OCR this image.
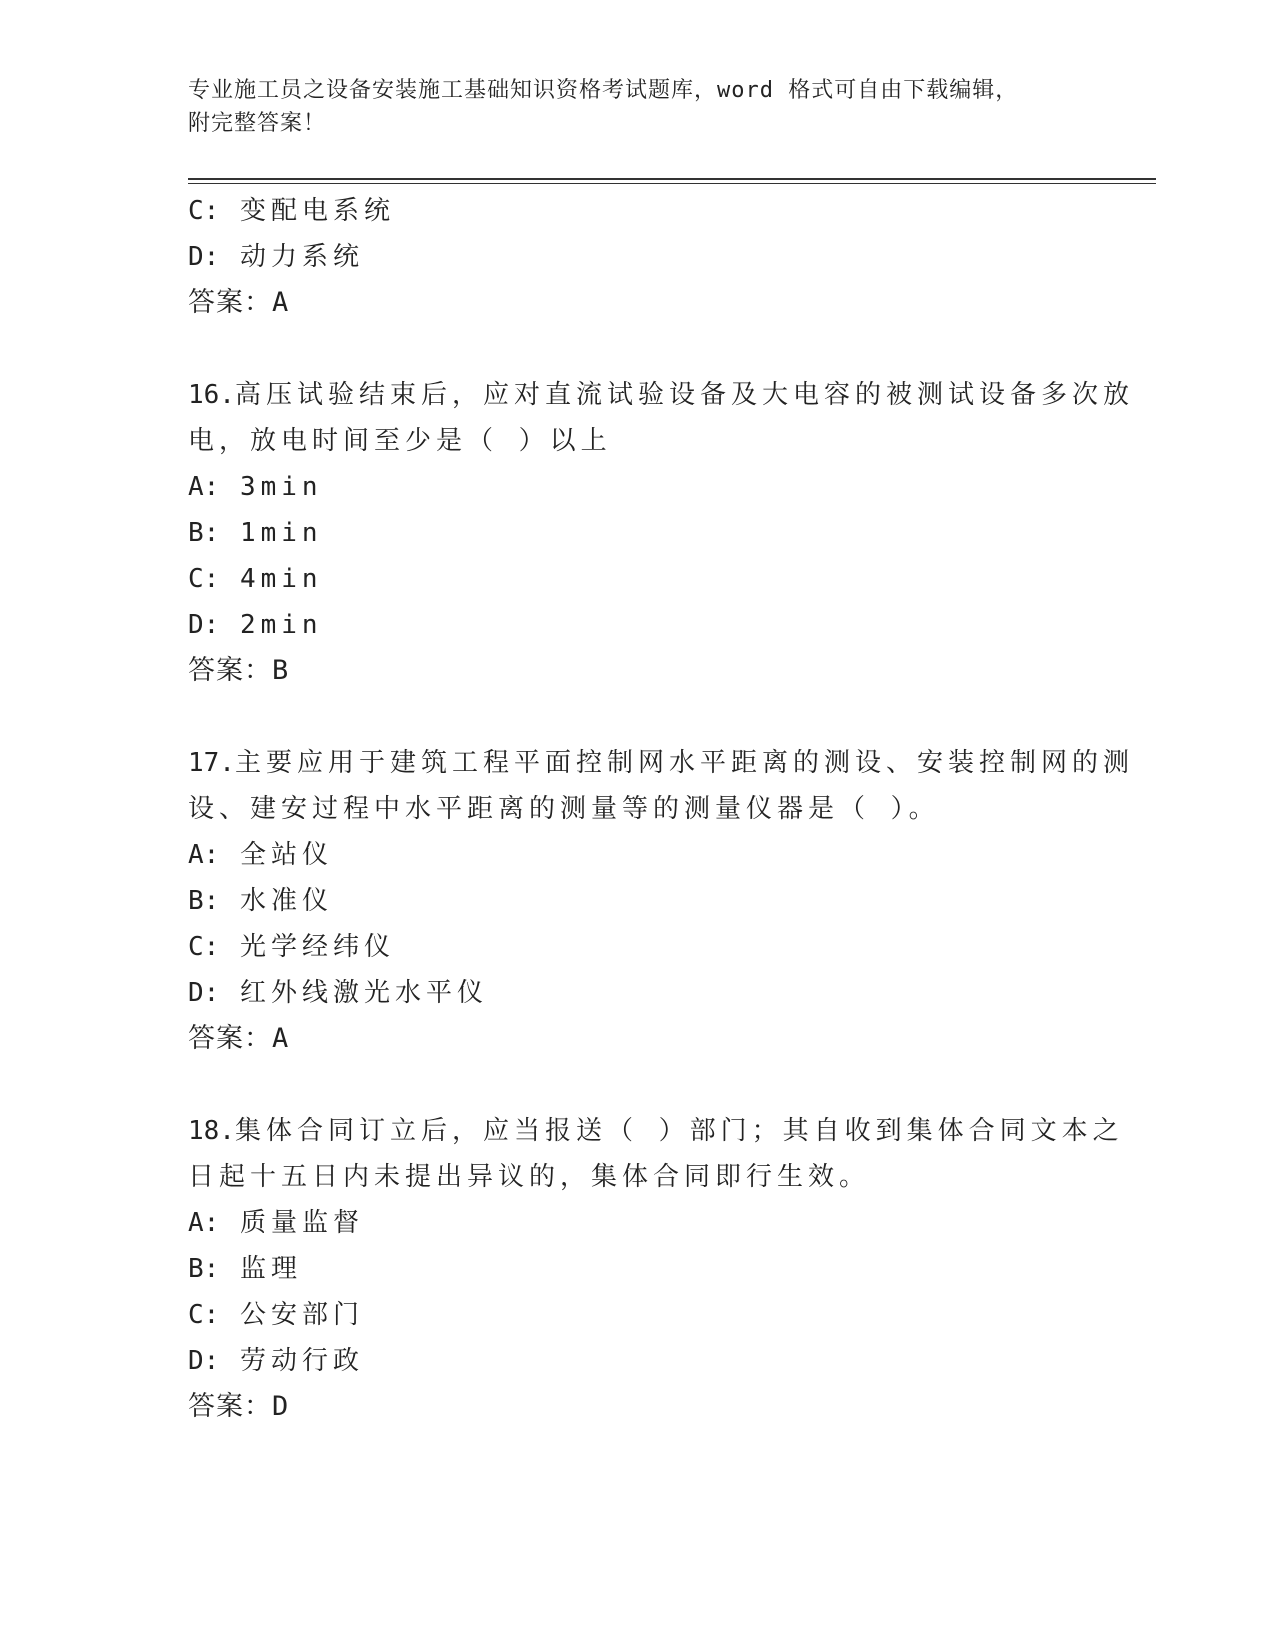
专业施工员之设备安装施工基础知识资格考试题库，word 格式可自由下载编辑，
附完整答案！
C: 变配电系统
D: 动力系统
答案：A
16.高压试验结束后，应对直流试验设备及大电容的被测试设备多次放
电，放电时间至少是（ ）以上
A: 3min
B: 1min
C: 4min
D: 2min
答案：B
17.主要应用于建筑工程平面控制网水平距离的测设、安装控制网的测
设、建安过程中水平距离的测量等的测量仪器是（ ）。
A: 全站仪
B: 水准仪
C: 光学经纬仪
D: 红外线激光水平仪
答案：A
18.集体合同订立后，应当报送（ ）部门；其自收到集体合同文本之
日起十五日内未提出异议的，集体合同即行生效。
A: 质量监督
B: 监理
C: 公安部门
D: 劳动行政
答案：D
